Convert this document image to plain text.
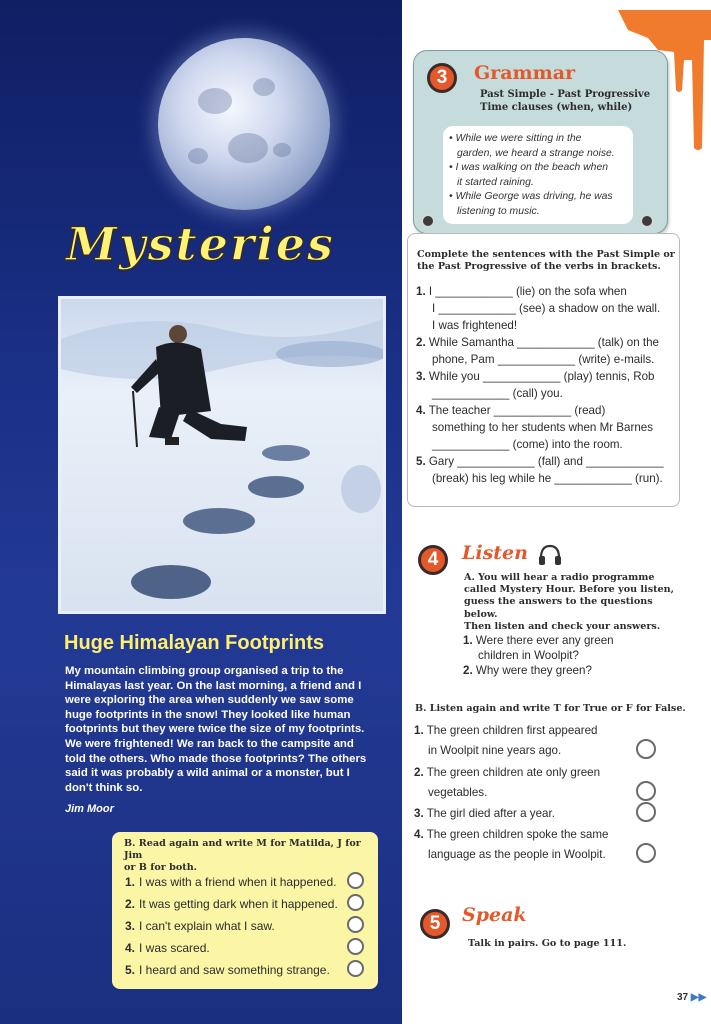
Mysteries
Huge Himalayan Footprints
My mountain climbing group organised a trip to the
Himalayas last year. On the last morning, a friend and I
were exploring the area when suddenly we saw some
huge footprints in the snow! They looked like human
footprints but they were twice the size of my footprints.
We were frightened! We ran back to the campsite and
told the others. Who made those footprints? The others
said it was probably a wild animal or a monster, but I
don't think so.
Jim Moor
B. Read again and write M for Matilda, J for Jim
or B for both.
1. I was with a friend when it happened.
2. It was getting dark when it happened.
3. I can't explain what I saw.
4. I was scared.
5. I heard and saw something strange.
3	Grammar
Past Simple - Past Progressive
Time clauses (when, while)
• While we were sitting in the
garden, we heard a strange noise.
• I was walking on the beach when
it started raining.
• While George was driving, he was
listening to music.
Complete the sentences with the Past Simple or
the Past Progressive of the verbs in brackets.
1. I ____________ (lie) on the sofa when
I ____________ (see) a shadow on the wall.
I was frightened!
2. While Samantha ____________ (talk) on the
phone, Pam ____________ (write) e-mails.
3. While you ____________ (play) tennis, Rob
____________ (call) you.
4. The teacher ____________ (read)
something to her students when Mr Barnes
____________ (come) into the room.
5. Gary ____________ (fall) and ____________
(break) his leg while he ____________ (run).
4	Listen
A. You will hear a radio programme
called Mystery Hour. Before you listen,
guess the answers to the questions below.
Then listen and check your answers.
1. Were there ever any green
children in Woolpit?
2. Why were they green?
B. Listen again and write T for True or F for False.
1. The green children first appeared
in Woolpit nine years ago.
2. The green children ate only green
vegetables.
3. The girl died after a year.
4. The green children spoke the same
language as the people in Woolpit.
5	Speak
Talk in pairs. Go to page 111.
37 ▶▶
